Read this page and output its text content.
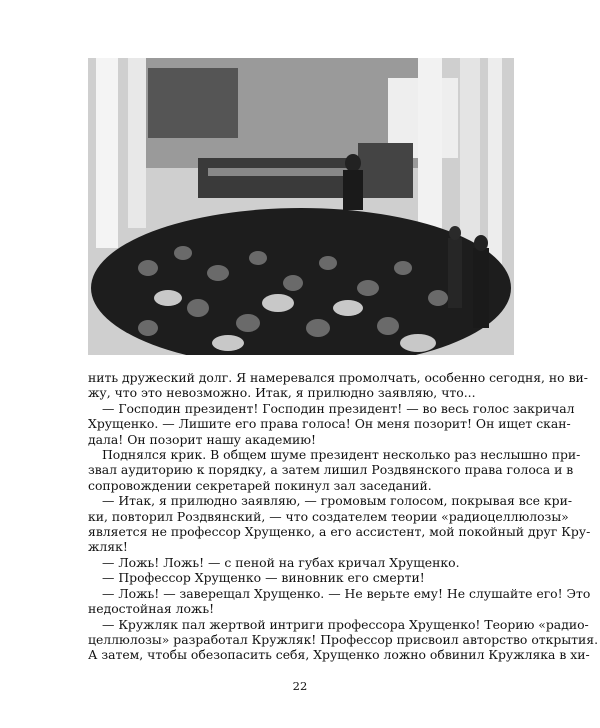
нить дружеский долг. Я намеревался промолчать, особенно сегодня, но ви-
жу, что это невозможно. Итак, я прилюдно заявляю, что...
— Господин президент! Господин президент! — во весь голос закричал
Хрущенко. — Лишите его права голоса! Он меня позорит! Он ищет скан-
дала! Он позорит нашу академию!
Поднялся крик. В общем шуме президент несколько раз неслышно при-
звал аудиторию к порядку, а затем лишил Роздвянского права голоса и в
сопровождении секретарей покинул зал заседаний.
— Итак, я прилюдно заявляю, — громовым голосом, покрывая все кри-
ки, повторил Роздвянский, — что создателем теории «радиоцеллюлозы»
является не профессор Хрущенко, а его ассистент, мой покойный друг Кру-
жляк!
— Ложь! Ложь! — с пеной на губах кричал Хрущенко.
— Профессор Хрущенко — виновник его смерти!
— Ложь! — заверещал Хрущенко. — Не верьте ему! Не слушайте его! Это
недостойная ложь!
— Кружляк пал жертвой интриги профессора Хрущенко! Теорию «радио-
целлюлозы» разработал Кружляк! Профессор присвоил авторство открытия.
А затем, чтобы обезопасить себя, Хрущенко ложно обвинил Кружляка в хи-
22
